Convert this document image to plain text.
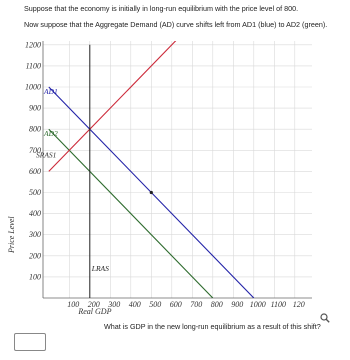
Suppose that the economy is initially in long-run equilibrium with the price level of 800.
Now suppose that the Aggregate Demand (AD) curve shifts left from AD1 (blue) to AD2 (green).
100
200
300
400
500
600
700
800
900
1000
1100
1200
100 200 300 400 500 600 700 800 900 1000 1100 120
Price Level
Real GDP
AD1
AD2
SRAS1
LRAS
What is GDP in the new long-run equilibrium as a result of this shift?
